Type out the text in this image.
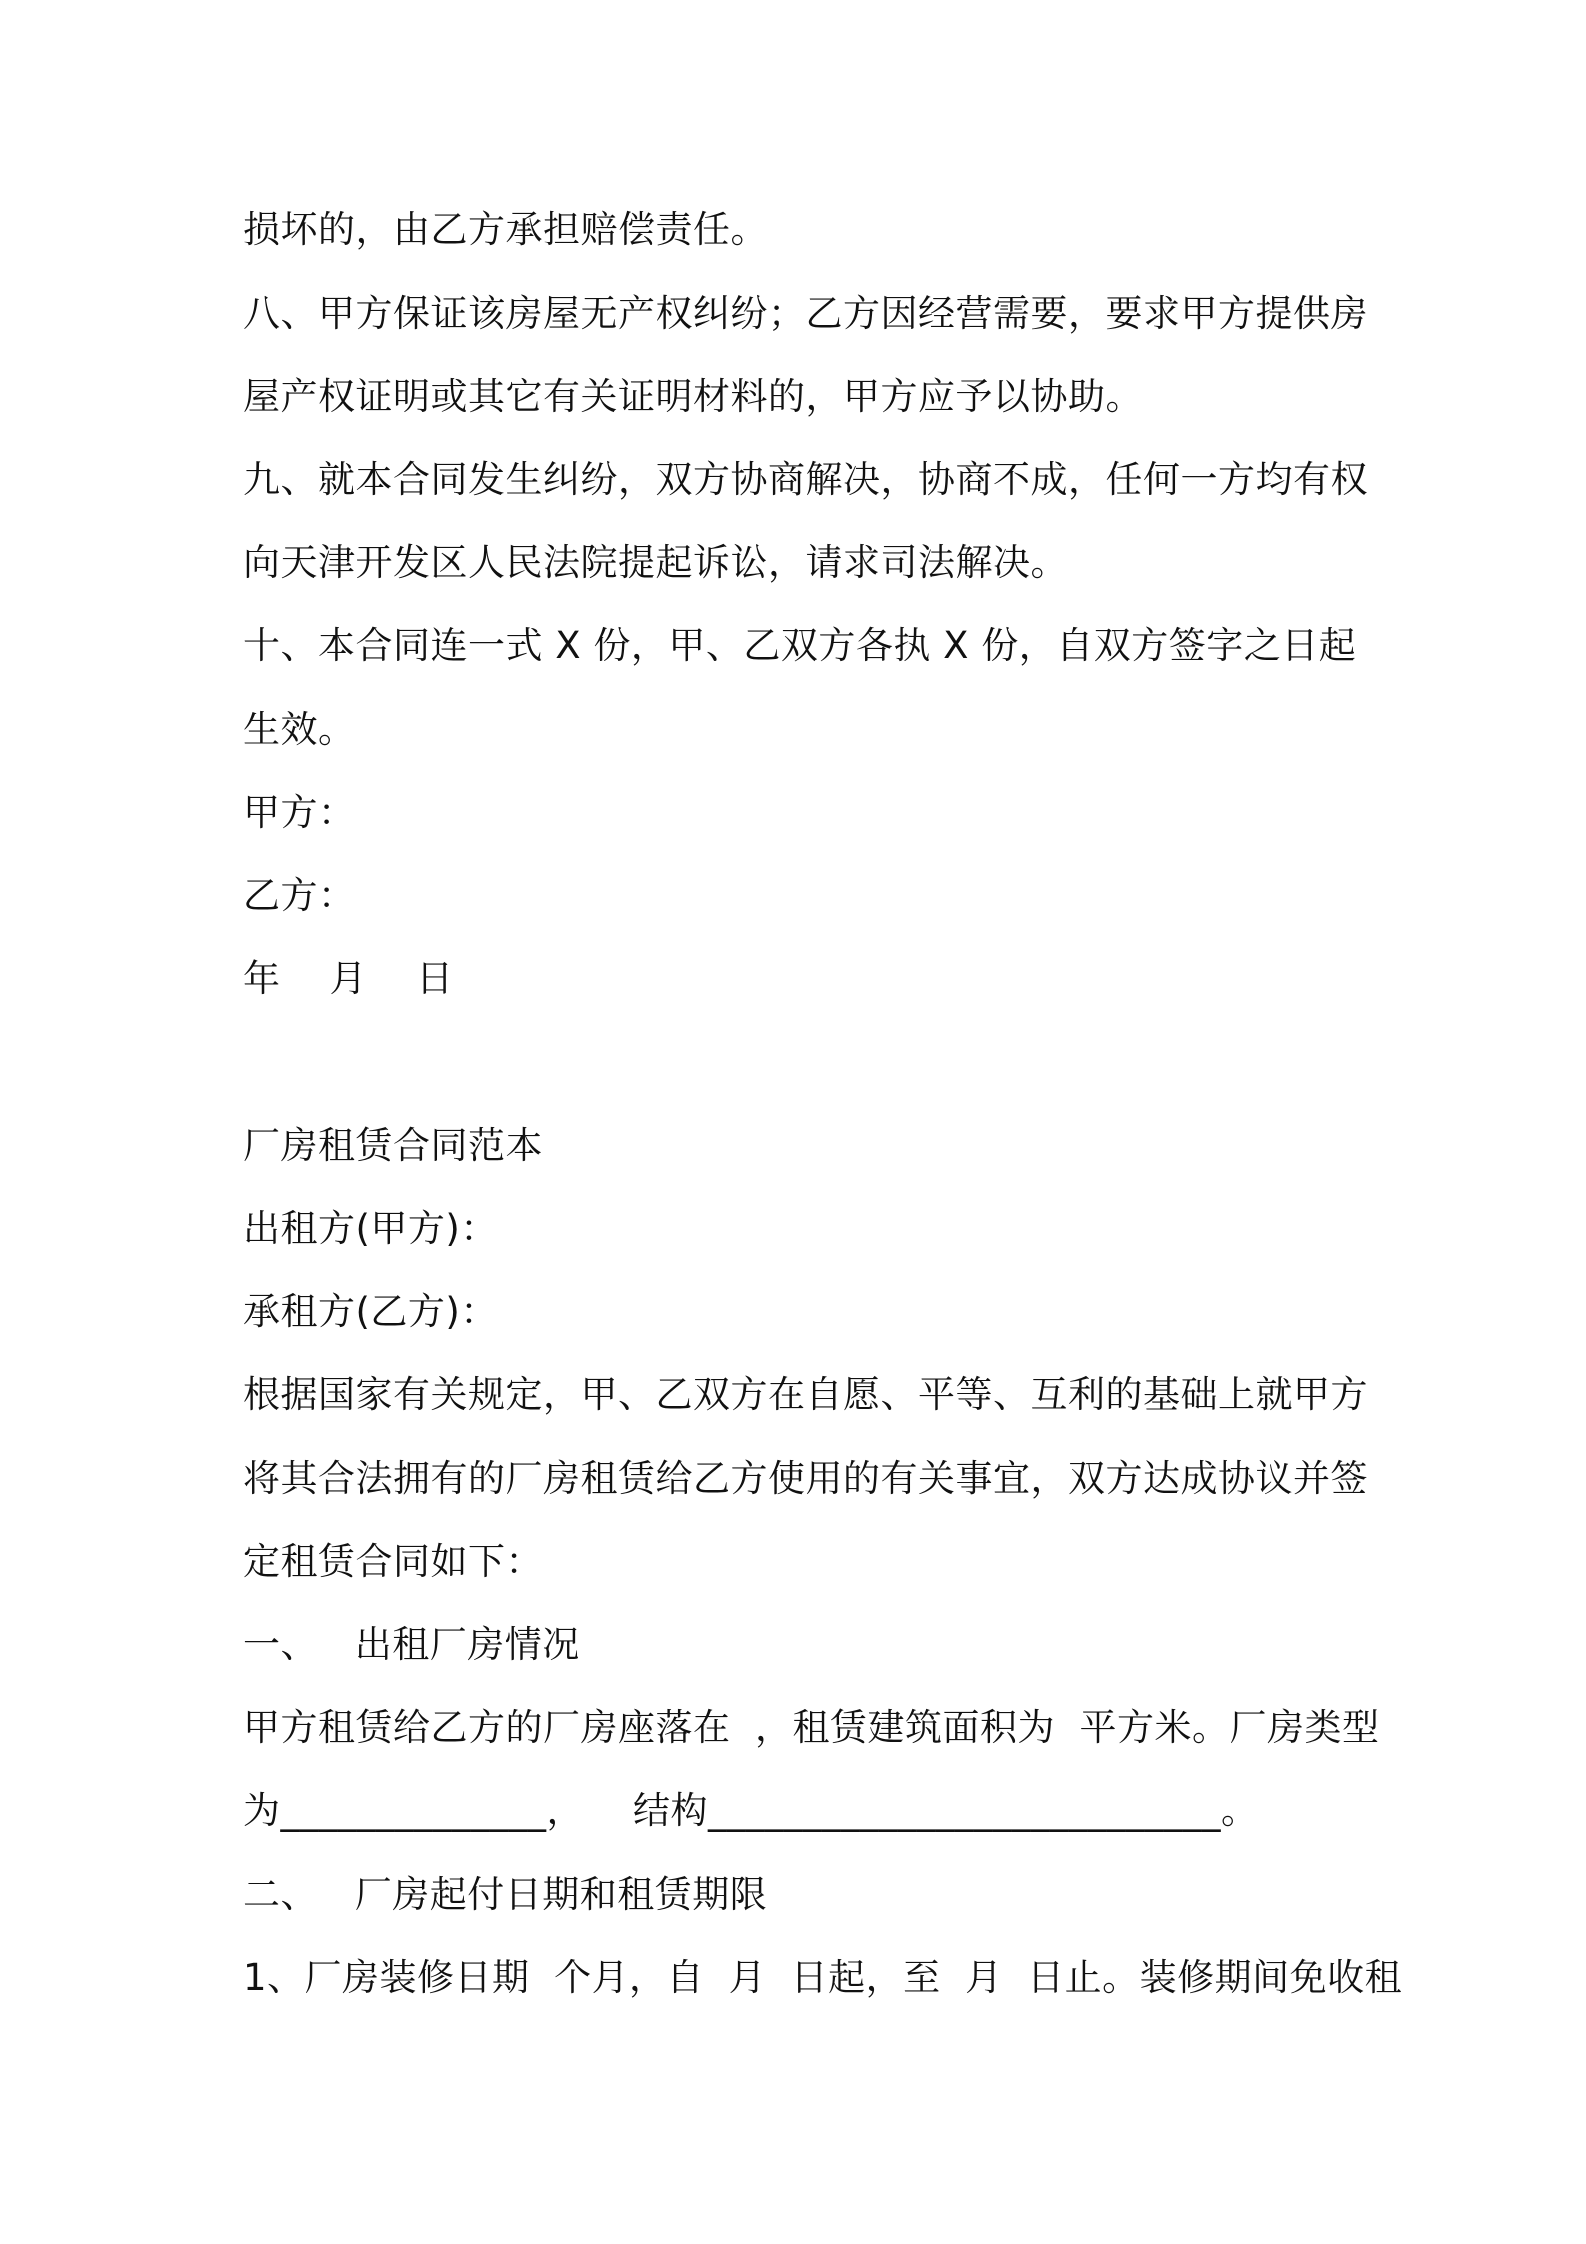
损坏的，由乙方承担赔偿责任。
八、甲方保证该房屋无产权纠纷；乙方因经营需要，要求甲方提供房
屋产权证明或其它有关证明材料的，甲方应予以协助。
九、就本合同发生纠纷，双方协商解决，协商不成，任何一方均有权
向天津开发区人民法院提起诉讼，请求司法解决。
十、本合同连一式 X 份，甲、乙双方各执 X 份，自双方签字之日起
生效。
甲方：
乙方：
年    月    日
厂房租赁合同范本
出租方(甲方)：
承租方(乙方)：
根据国家有关规定，甲、乙双方在自愿、平等、互利的基础上就甲方
将其合法拥有的厂房租赁给乙方使用的有关事宜，双方达成协议并签
定租赁合同如下：
一、   出租厂房情况
甲方租赁给乙方的厂房座落在  ，租赁建筑面积为  平方米。厂房类型
为______________，    结构___________________________。
二、   厂房起付日期和租赁期限
1、厂房装修日期  个月，自  月  日起，至  月  日止。装修期间免收租
